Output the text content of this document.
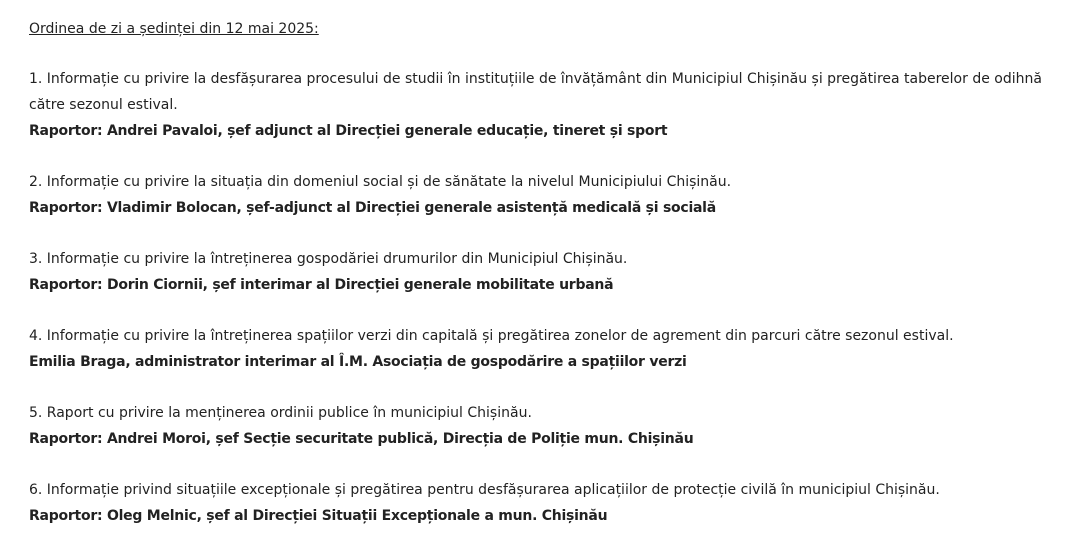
Ordinea de zi a ședinței din 12 mai 2025:

1. Informație cu privire la desfășurarea procesului de studii în instituțiile de învățământ din Municipiul Chișinău și pregătirea taberelor de odihnă către sezonul estival.

Raportor: Andrei Pavaloi, șef adjunct al Direcției generale educație, tineret și sport

2. Informație cu privire la situația din domeniul social și de sănătate la nivelul Municipiului Chișinău.

Raportor: Vladimir Bolocan, șef-adjunct al Direcției generale asistență medicală și socială

3. Informație cu privire la întreținerea gospodăriei drumurilor din Municipiul Chișinău.

Raportor: Dorin Ciornii, șef interimar al Direcției generale mobilitate urbană

4. Informație cu privire la întreținerea spațiilor verzi din capitală și pregătirea zonelor de agrement din parcuri către sezonul estival.

Emilia Braga, administrator interimar al Î.M. Asociația de gospodărire a spațiilor verzi

5. Raport cu privire la menținerea ordinii publice în municipiul Chișinău.

Raportor: Andrei Moroi, șef Secție securitate publică, Direcția de Poliție mun. Chișinău

6. Informație privind situațiile excepționale și pregătirea pentru desfășurarea aplicațiilor de protecție civilă în municipiul Chișinău.

Raportor: Oleg Melnic, șef al Direcției Situații Excepționale a mun. Chișinău
